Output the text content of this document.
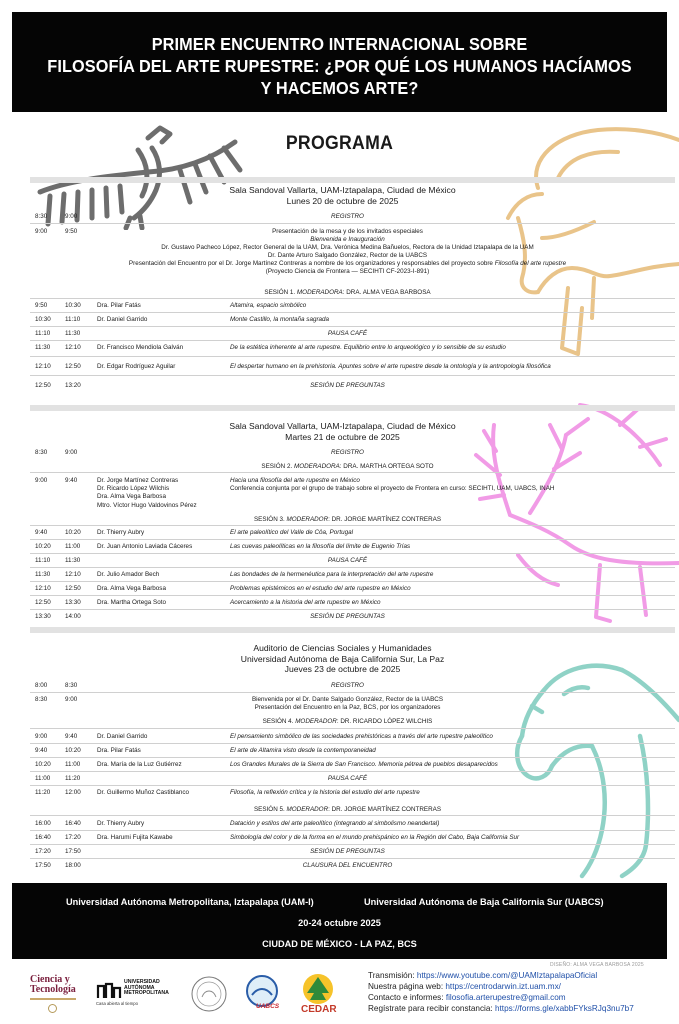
PRIMER ENCUENTRO INTERNACIONAL SOBRE
FILOSOFÍA DEL ARTE RUPESTRE: ¿POR QUÉ LOS HUMANOS HACÍAMOS
Y HACEMOS ARTE?
PROGRAMA
Sala Sandoval Vallarta, UAM-Iztapalapa, Ciudad de México
Lunes 20 de octubre de 2025
8:30	9:00	REGISTRO
9:00	9:50	Presentación de la mesa y de los invitados especiales
Bienvenida e Inauguración
Dr. Gustavo Pacheco López, Rector General de la UAM, Dra. Verónica Medina Bañuelos, Rectora de la Unidad Iztapalapa de la UAM
Dr. Dante Arturo Salgado González, Rector de la UABCS
Presentación del Encuentro por el Dr. Jorge Martínez Contreras a nombre de los organizadores y responsables del proyecto sobre Filosofía del arte rupestre
(Proyecto Ciencia de Frontera — SECIHTI CF-2023-I-891)
SESIÓN 1. MODERADORA: DRA. ALMA VEGA BARBOSA
9:50	10:30	Dra. Pilar Fatás	Altamira, espacio simbólico
10:30 11:10	Dr. Daniel Garrido	Monte Castillo, la montaña sagrada
11:10 11:30	PAUSA CAFÉ
11:30 12:10	Dr. Francisco Mendiola Galván	De la estética inherente al arte rupestre. Equilibrio entre lo arqueológico y lo sensible de su estudio
12:10 12:50	Dr. Edgar Rodríguez Aguilar	El despertar humano en la prehistoria. Apuntes sobre el arte rupestre desde la ontología y la antropología filosófica
12:50 13:20	SESIÓN DE PREGUNTAS
Sala Sandoval Vallarta, UAM-Iztapalapa, Ciudad de México
Martes 21 de octubre de 2025
8:30	9:00	REGISTRO
SESIÓN 2. MODERADORA: DRA. MARTHA ORTEGA SOTO
9:00	9:40	Dr. Jorge Martínez Contreras
Dr. Ricardo López Wilchis
Dra. Alma Vega Barbosa
Mtro. Víctor Hugo Valdovinos Pérez
Hacia una filosofía del arte rupestre en México
Conferencia conjunta por el grupo de trabajo sobre el proyecto de Frontera en curso: SECIHTI, UAM, UABCS, INAH
SESIÓN 3. MODERADOR: DR. JORGE MARTÍNEZ CONTRERAS
9:40	10:20	Dr. Thierry Aubry	El arte paleolítico del Valle de Côa, Portugal
10:20 11:00	Dr. Juan Antonio Laviada Cáceres	Las cuevas paleolíticas en la filosofía del límite de Eugenio Trías
11:10 11:30	PAUSA CAFÉ
11:30 12:10	Dr. Julio Amador Bech	Las bondades de la hermenéutica para la interpretación del arte rupestre
12:10 12:50	Dra. Alma Vega Barbosa	Problemas epistémicos en el estudio del arte rupestre en México
12:50 13:30	Dra. Martha Ortega Soto	Acercamiento a la historia del arte rupestre en México
13:30 14:00	SESIÓN DE PREGUNTAS
Auditorio de Ciencias Sociales y Humanidades
Universidad Autónoma de Baja California Sur, La Paz
Jueves 23 de octubre de 2025
8:00	8:30	REGISTRO
8:30	9:00	Bienvenida por el Dr. Dante Salgado González, Rector de la UABCS
Presentación del Encuentro en la Paz, BCS, por los organizadores
SESIÓN 4. MODERADOR: DR. RICARDO LÓPEZ WILCHIS
9:00	9:40	Dr. Daniel Garrido	El pensamiento simbólico de las sociedades prehistóricas a través del arte rupestre paleolítico
9:40	10:20	Dra. Pilar Fatás	El arte de Altamira visto desde la contemporaneidad
10:20 11:00	Dra. María de la Luz Gutiérrez	Los Grandes Murales de la Sierra de San Francisco. Memoria pétrea de pueblos desaparecidos
11:00 11:20	PAUSA CAFÉ
11:20 12:00	Dr. Guillermo Muñoz Castiblanco	Filosofía, la reflexión crítica y la historia del estudio del arte rupestre
SESIÓN 5. MODERADOR: DR. JORGE MARTÍNEZ CONTRERAS
16:00 16:40	Dr. Thierry Aubry	Datación y estilos del arte paleolítico (integrando al simbolismo neandertal)
16:40 17:20	Dra. Harumi Fujita Kawabe	Simbología del color y de la forma en el mundo prehispánico en la Región del Cabo, Baja California Sur
17:20 17:50	SESIÓN DE PREGUNTAS
17:50 18:00	CLAUSURA DEL ENCUENTRO
Universidad Autónoma Metropolitana, Iztapalapa (UAM-I)	Universidad Autónoma de Baja California Sur (UABCS)
20-24 octubre 2025
CIUDAD DE MÉXICO - LA PAZ, BCS
DISEÑO: ALMA VEGA BARBOSA 2025
Ciencia y
Tecnología
UNIVERSIDAD
AUTÓNOMA
METROPOLITANA
Casa abierta al tiempo	UABCS CEDAR
Transmisión: https://www.youtube.com/@UAMIztapalapaOficial
Nuestra página web: https://centrodarwin.izt.uam.mx/
Contacto e informes: filosofia.arterupestre@gmail.com
Regístrate para recibir constancia: https://forms.gle/xabbFYksRJq3nu7b7
